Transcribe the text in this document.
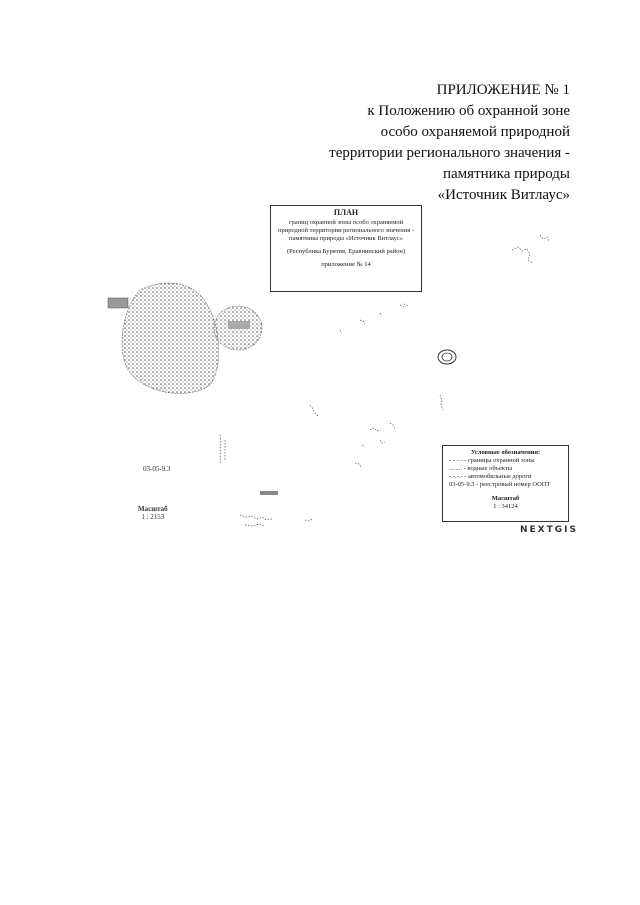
ПРИЛОЖЕНИЕ № 1
к Положению об охранной зоне
особо охраняемой природной
территории регионального значения -
памятника природы
«Источник Витлаус»
ПЛАН
границ охранной зоны особо охраняемой
природной территории регионального значения -
памятника природы «Источник Витлаус»
(Республика Бурятия, Еравнинский район)
приложение № 14
03-05-9.3
Масштаб
1 : 2153
Условные обозначения:
- - - - - границы охранной зоны
........ - водные объекты
-.-.-.- - автомобильные дороги
03-05-9.3 - реестровый номер ООПТ
Масштаб
1 : 34124
NEXTGIS
